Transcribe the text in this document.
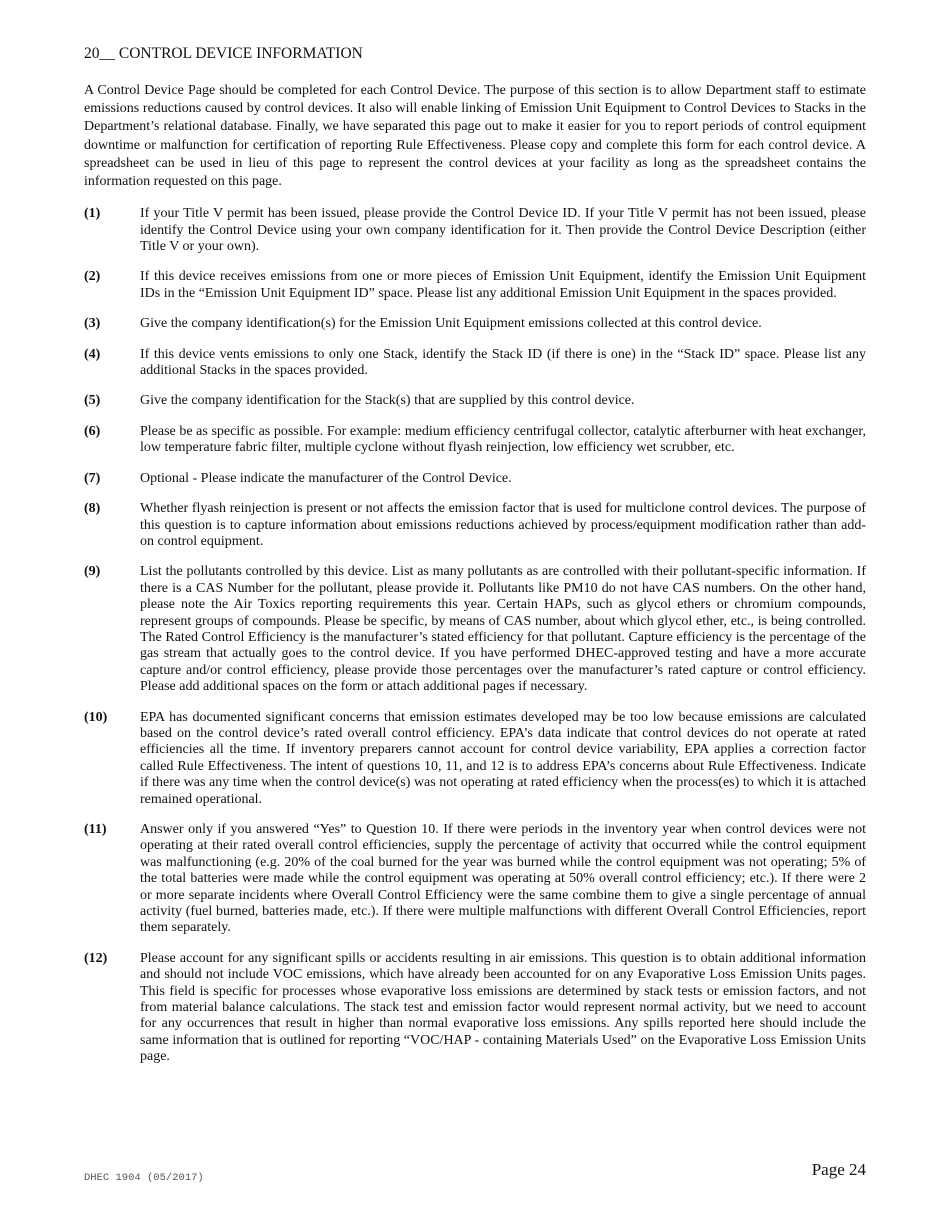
20__ CONTROL DEVICE INFORMATION
A Control Device Page should be completed for each Control Device. The purpose of this section is to allow Department staff to estimate emissions reductions caused by control devices. It also will enable linking of Emission Unit Equipment to Control Devices to Stacks in the Department’s relational database. Finally, we have separated this page out to make it easier for you to report periods of control equipment downtime or malfunction for certification of reporting Rule Effectiveness. Please copy and complete this form for each control device. A spreadsheet can be used in lieu of this page to represent the control devices at your facility as long as the spreadsheet contains the information requested on this page.
(1)	If your Title V permit has been issued, please provide the Control Device ID. If your Title V permit has not been issued, please identify the Control Device using your own company identification for it. Then provide the Control Device Description (either Title V or your own).
(2)	If this device receives emissions from one or more pieces of Emission Unit Equipment, identify the Emission Unit Equipment IDs in the “Emission Unit Equipment ID” space. Please list any additional Emission Unit Equipment in the spaces provided.
(3)	Give the company identification(s) for the Emission Unit Equipment emissions collected at this control device.
(4)	If this device vents emissions to only one Stack, identify the Stack ID (if there is one) in the “Stack ID” space. Please list any additional Stacks in the spaces provided.
(5)	Give the company identification for the Stack(s) that are supplied by this control device.
(6)	Please be as specific as possible. For example: medium efficiency centrifugal collector, catalytic afterburner with heat exchanger, low temperature fabric filter, multiple cyclone without flyash reinjection, low efficiency wet scrubber, etc.
(7)	Optional - Please indicate the manufacturer of the Control Device.
(8)	Whether flyash reinjection is present or not affects the emission factor that is used for multiclone control devices. The purpose of this question is to capture information about emissions reductions achieved by process/equipment modification rather than add-on control equipment.
(9)	List the pollutants controlled by this device. List as many pollutants as are controlled with their pollutant-specific information. If there is a CAS Number for the pollutant, please provide it. Pollutants like PM10 do not have CAS numbers. On the other hand, please note the Air Toxics reporting requirements this year. Certain HAPs, such as glycol ethers or chromium compounds, represent groups of compounds. Please be specific, by means of CAS number, about which glycol ether, etc., is being controlled. The Rated Control Efficiency is the manufacturer’s stated efficiency for that pollutant. Capture efficiency is the percentage of the gas stream that actually goes to the control device. If you have performed DHEC-approved testing and have a more accurate capture and/or control efficiency, please provide those percentages over the manufacturer’s rated capture or control efficiency. Please add additional spaces on the form or attach additional pages if necessary.
(10)	EPA has documented significant concerns that emission estimates developed may be too low because emissions are calculated based on the control device’s rated overall control efficiency. EPA’s data indicate that control devices do not operate at rated efficiencies all the time. If inventory preparers cannot account for control device variability, EPA applies a correction factor called Rule Effectiveness. The intent of questions 10, 11, and 12 is to address EPA’s concerns about Rule Effectiveness. Indicate if there was any time when the control device(s) was not operating at rated efficiency when the process(es) to which it is attached remained operational.
(11)	Answer only if you answered “Yes” to Question 10. If there were periods in the inventory year when control devices were not operating at their rated overall control efficiencies, supply the percentage of activity that occurred while the control equipment was malfunctioning (e.g. 20% of the coal burned for the year was burned while the control equipment was not operating; 5% of the total batteries were made while the control equipment was operating at 50% overall control efficiency; etc.). If there were 2 or more separate incidents where Overall Control Efficiency were the same combine them to give a single percentage of annual activity (fuel burned, batteries made, etc.). If there were multiple malfunctions with different Overall Control Efficiencies, report them separately.
(12)	Please account for any significant spills or accidents resulting in air emissions. This question is to obtain additional information and should not include VOC emissions, which have already been accounted for on any Evaporative Loss Emission Units pages. This field is specific for processes whose evaporative loss emissions are determined by stack tests or emission factors, and not from material balance calculations. The stack test and emission factor would represent normal activity, but we need to account for any occurrences that result in higher than normal evaporative loss emissions. Any spills reported here should include the same information that is outlined for reporting “VOC/HAP - containing Materials Used” on the Evaporative Loss Emission Units page.
DHEC 1904 (05/2017)	Page 24
